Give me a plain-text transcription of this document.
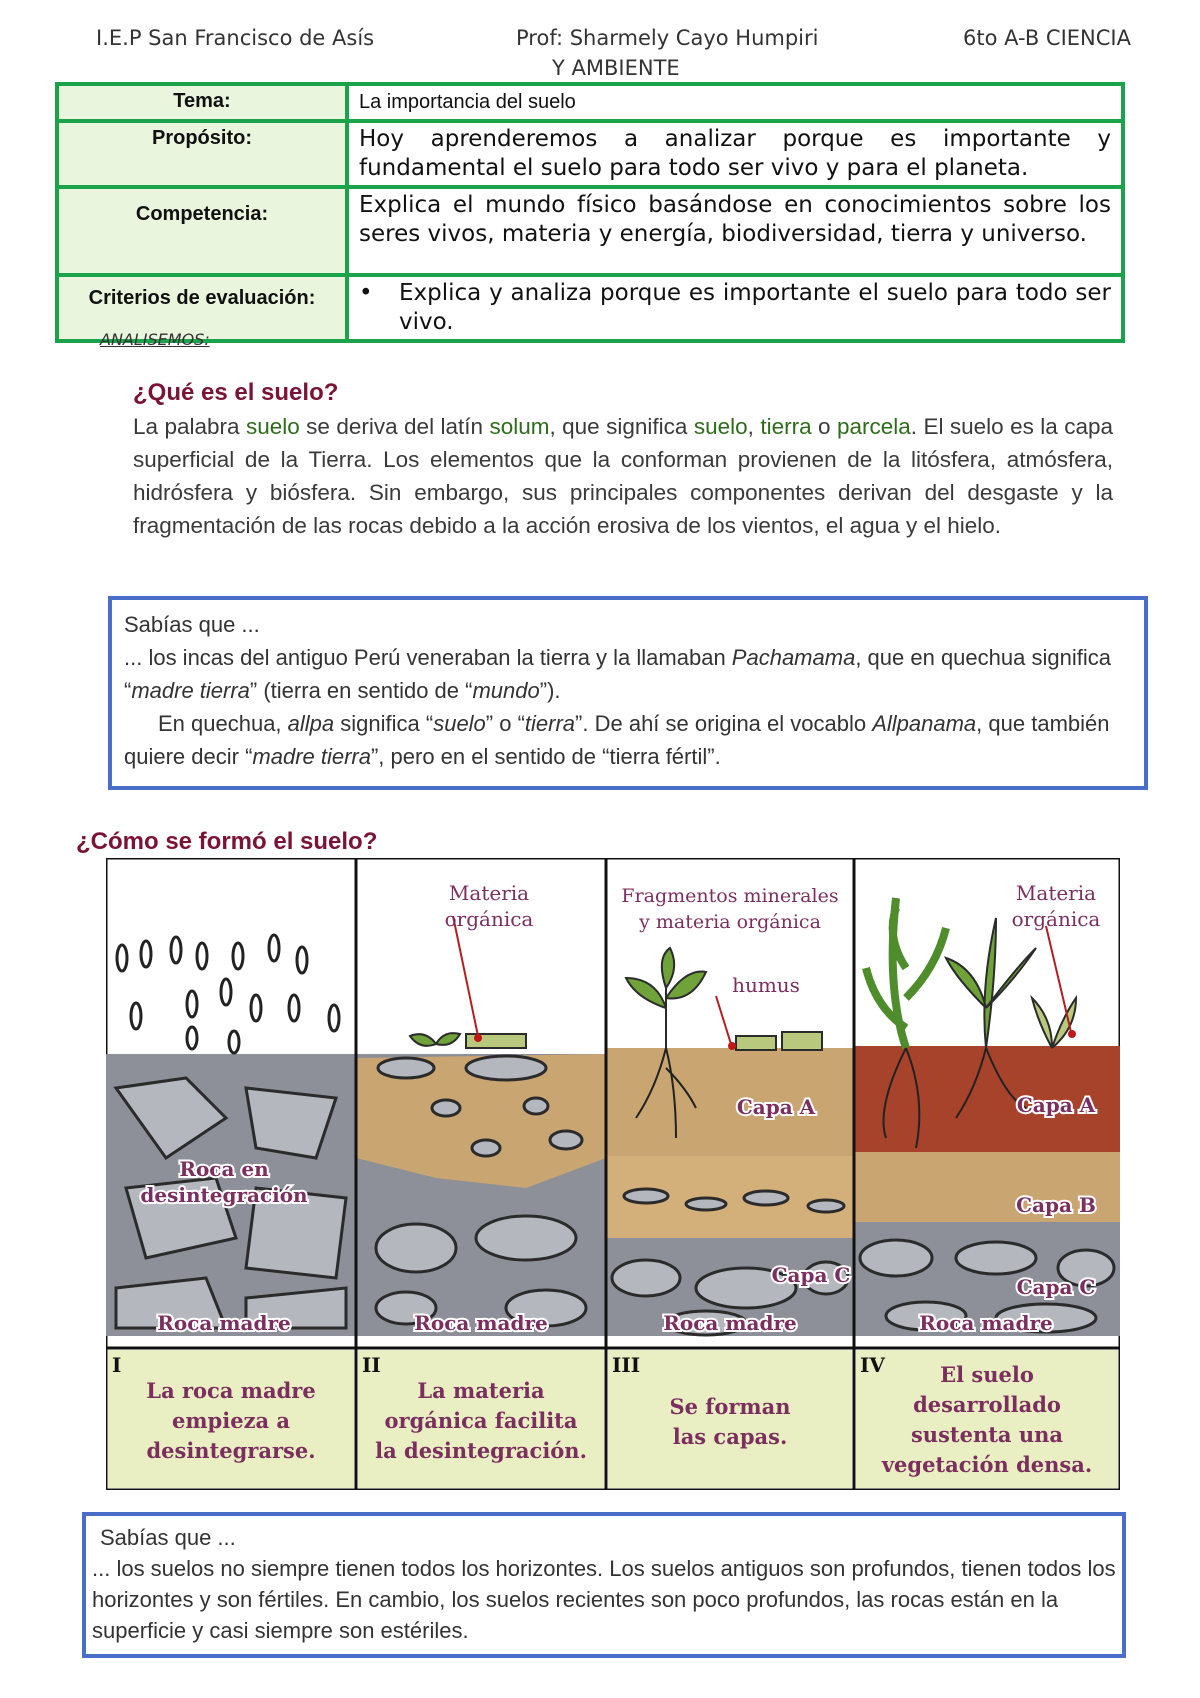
I.E.P San Francisco de Asís	Prof: Sharmely Cayo Humpiri	6to A-B CIENCIA
Y AMBIENTE
Tema:	La importancia del suelo
Propósito:	Hoy aprenderemos a analizar porque es importante y fundamental el suelo para todo ser vivo y para el planeta.
Competencia:	Explica el mundo físico basándose en conocimientos sobre los seres vivos, materia y energía, biodiversidad, tierra y universo.
Criterios de evaluación:	• Explica y analiza porque es importante el suelo para todo ser vivo.
ANALISEMOS:
¿Qué es el suelo?

La palabra suelo se deriva del latín solum, que significa suelo, tierra o parcela. El suelo es la capa superficial de la Tierra. Los elementos que la conforman provienen de la litósfera, atmósfera, hidrósfera y biósfera. Sin embargo, sus principales componentes derivan del desgaste y la fragmentación de las rocas debido a la acción erosiva de los vientos, el agua y el hielo.

Sabías que ...
... los incas del antiguo Perú veneraban la tierra y la llamaban Pachamama, que en quechua significa “madre tierra” (tierra en sentido de “mundo”).
En quechua, allpa significa “suelo” o “tierra”. De ahí se origina el vocablo Allpanama, que también quiere decir “madre tierra”, pero en el sentido de “tierra fértil”.
¿Cómo se formó el suelo?
Roca en
desintegración
Roca madre	Roca madre	Roca madre	Roca madre
Capa A
Capa C
Capa A
Capa B
Capa C
Materia
orgánica
Fragmentos minerales
y materia orgánica
humus
Materia
orgánica
I	II	III	IV
La roca madre
empieza a
desintegrarse.
La materia
orgánica facilita
la desintegración.
Se forman
las capas.
El suelo
desarrollado
sustenta una
vegetación densa.
Sabías que ...
... los suelos no siempre tienen todos los horizontes. Los suelos antiguos son profundos, tienen todos los horizontes y son fértiles. En cambio, los suelos recientes son poco profundos, las rocas están en la superficie y casi siempre son estériles.
